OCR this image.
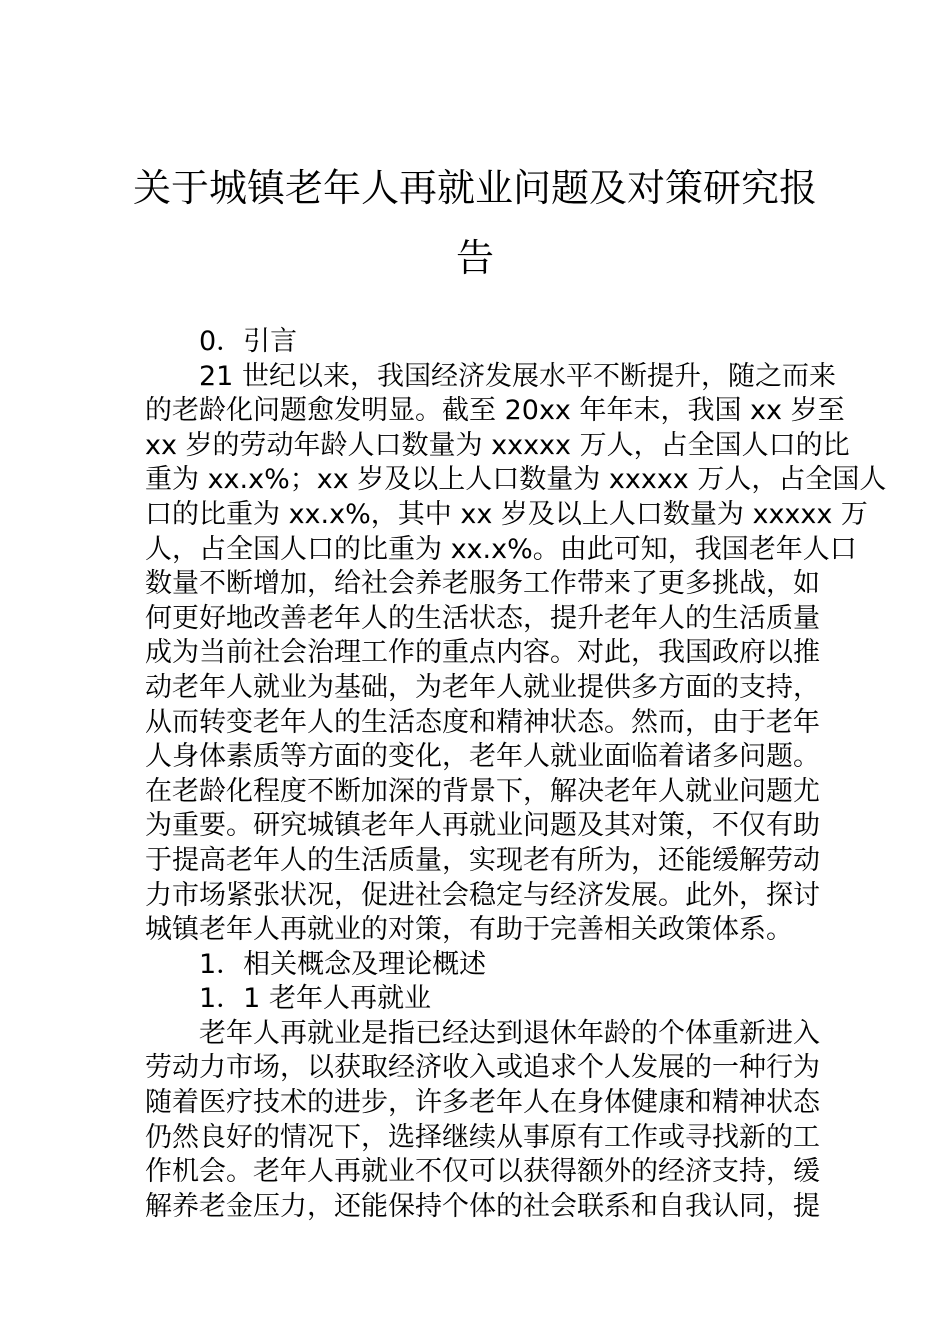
关于城镇老年人再就业问题及对策研究报
告
0．引言
21 世纪以来，我国经济发展水平不断提升，随之而来
的老龄化问题愈发明显。截至 20xx 年年末，我国 xx 岁至
xx 岁的劳动年龄人口数量为 xxxxx 万人，占全国人口的比
重为 xx.x%；xx 岁及以上人口数量为 xxxxx 万人，占全国人
口的比重为 xx.x%，其中 xx 岁及以上人口数量为 xxxxx 万
人，占全国人口的比重为 xx.x%。由此可知，我国老年人口
数量不断增加，给社会养老服务工作带来了更多挑战，如
何更好地改善老年人的生活状态，提升老年人的生活质量
成为当前社会治理工作的重点内容。对此，我国政府以推
动老年人就业为基础，为老年人就业提供多方面的支持，
从而转变老年人的生活态度和精神状态。然而，由于老年
人身体素质等方面的变化，老年人就业面临着诸多问题。
在老龄化程度不断加深的背景下，解决老年人就业问题尤
为重要。研究城镇老年人再就业问题及其对策，不仅有助
于提高老年人的生活质量，实现老有所为，还能缓解劳动
力市场紧张状况，促进社会稳定与经济发展。此外，探讨
城镇老年人再就业的对策，有助于完善相关政策体系。
1．相关概念及理论概述
1．1 老年人再就业
老年人再就业是指已经达到退休年龄的个体重新进入
劳动力市场，以获取经济收入或追求个人发展的一种行为
随着医疗技术的进步，许多老年人在身体健康和精神状态
仍然良好的情况下，选择继续从事原有工作或寻找新的工
作机会。老年人再就业不仅可以获得额外的经济支持，缓
解养老金压力，还能保持个体的社会联系和自我认同，提
